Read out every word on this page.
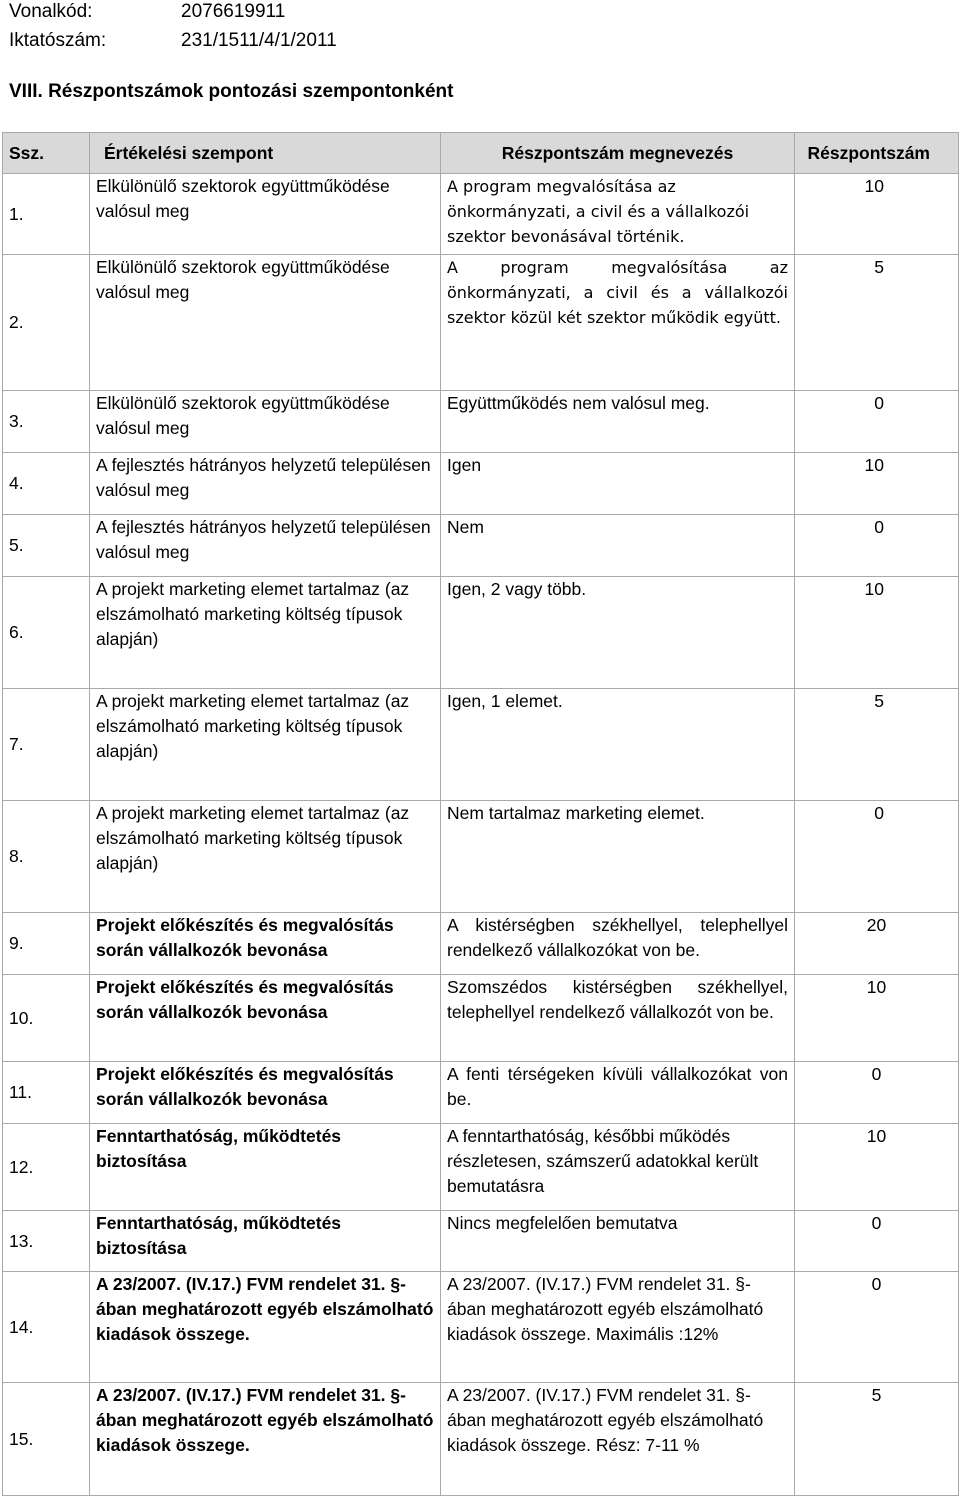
Vonalkód:	2076619911
Iktatószám:	231/1511/4/1/2011
VIII. Részpontszámok pontozási szempontonként
Ssz.	Értékelési szempont	Részpontszám megnevezés	Részpontszám
1.	Elkülönülő szektorok együttműködése valósul meg	A program megvalósítása az önkormányzati, a civil és a vállalkozói szektor bevonásával történik.	10
2.	Elkülönülő szektorok együttműködése valósul meg	A program megvalósítása az önkormányzati, a civil és a vállalkozói szektor közül két szektor működik együtt.	5
3.	Elkülönülő szektorok együttműködése valósul meg	Együttműködés nem valósul meg.	0
4.	A fejlesztés hátrányos helyzetű településen valósul meg	Igen	10
5.	A fejlesztés hátrányos helyzetű településen valósul meg	Nem	0
6.	A projekt marketing elemet tartalmaz (az elszámolható marketing költség típusok alapján)	Igen, 2 vagy több.	10
7.	A projekt marketing elemet tartalmaz (az elszámolható marketing költség típusok alapján)	Igen, 1 elemet.	5
8.	A projekt marketing elemet tartalmaz (az elszámolható marketing költség típusok alapján)	Nem tartalmaz marketing elemet.	0
9.	Projekt előkészítés és megvalósítás során vállalkozók bevonása	A kistérségben székhellyel, telephellyel rendelkező vállalkozókat von be.	20
10.	Projekt előkészítés és megvalósítás során vállalkozók bevonása	Szomszédos kistérségben székhellyel, telephellyel rendelkező vállalkozót von be.	10
11.	Projekt előkészítés és megvalósítás során vállalkozók bevonása	A fenti térségeken kívüli vállalkozókat von be.	0
12.	Fenntarthatóság, működtetés biztosítása	A fenntarthatóság, későbbi működés részletesen, számszerű adatokkal került bemutatásra	10
13.	Fenntarthatóság, működtetés biztosítása	Nincs megfelelően bemutatva	0
14.	A 23/2007. (IV.17.) FVM rendelet 31. §-ában meghatározott egyéb elszámolható kiadások összege.	A 23/2007. (IV.17.) FVM rendelet 31. §-ában meghatározott egyéb elszámolható kiadások összege. Maximális :12%	0
15.	A 23/2007. (IV.17.) FVM rendelet 31. §-ában meghatározott egyéb elszámolható kiadások összege.	A 23/2007. (IV.17.) FVM rendelet 31. §-ában meghatározott egyéb elszámolható kiadások összege. Rész: 7-11 %	5
